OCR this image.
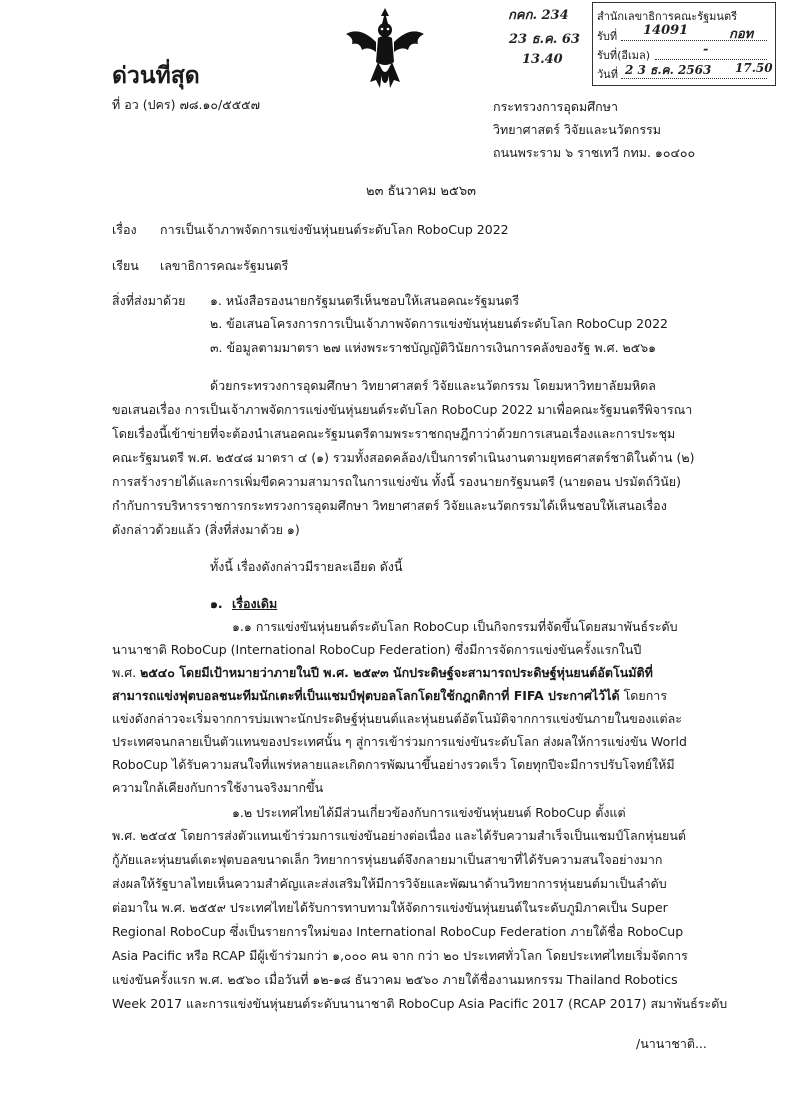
ด่วนที่สุด
ที่ อว (ปคร) ๗๘.๑๐/๕๕๕๗
กคก. 234
23 ธ.ค. 63
13.40
สำนักเลขาธิการคณะรัฐมนตรี
รับที่ 14091	กอท
รับที่(อีเมล)	-
วันที่ 2 3 ธ.ค. 2563 17.50
กระทรวงการอุดมศึกษา
วิทยาศาสตร์ วิจัยและนวัตกรรม
ถนนพระราม ๖ ราชเทวี กทม. ๑๐๔๐๐
๒๓ ธันวาคม ๒๕๖๓
เรื่อง การเป็นเจ้าภาพจัดการแข่งขันหุ่นยนต์ระดับโลก RoboCup 2022
เรียน เลขาธิการคณะรัฐมนตรี
สิ่งที่ส่งมาด้วย ๑. หนังสือรองนายกรัฐมนตรีเห็นชอบให้เสนอคณะรัฐมนตรี
๒. ข้อเสนอโครงการการเป็นเจ้าภาพจัดการแข่งขันหุ่นยนต์ระดับโลก RoboCup 2022
๓. ข้อมูลตามมาตรา ๒๗ แห่งพระราชบัญญัติวินัยการเงินการคลังของรัฐ พ.ศ. ๒๕๖๑
ด้วยกระทรวงการอุดมศึกษา วิทยาศาสตร์ วิจัยและนวัตกรรม โดยมหาวิทยาลัยมหิดล
ขอเสนอเรื่อง การเป็นเจ้าภาพจัดการแข่งขันหุ่นยนต์ระดับโลก RoboCup 2022 มาเพื่อคณะรัฐมนตรีพิจารณา
โดยเรื่องนี้เข้าข่ายที่จะต้องนำเสนอคณะรัฐมนตรีตามพระราชกฤษฎีกาว่าด้วยการเสนอเรื่องและการประชุม
คณะรัฐมนตรี พ.ศ. ๒๕๔๘ มาตรา ๔ (๑) รวมทั้งสอดคล้อง/เป็นการดำเนินงานตามยุทธศาสตร์ชาติในด้าน (๒)
การสร้างรายได้และการเพิ่มขีดความสามารถในการแข่งขัน ทั้งนี้ รองนายกรัฐมนตรี (นายดอน ปรมัตถ์วินัย)
กำกับการบริหารราชการกระทรวงการอุดมศึกษา วิทยาศาสตร์ วิจัยและนวัตกรรมได้เห็นชอบให้เสนอเรื่อง
ดังกล่าวด้วยแล้ว (สิ่งที่ส่งมาด้วย ๑)
ทั้งนี้ เรื่องดังกล่าวมีรายละเอียด ดังนี้
๑. เรื่องเดิม
๑.๑ การแข่งขันหุ่นยนต์ระดับโลก RoboCup เป็นกิจกรรมที่จัดขึ้นโดยสมาพันธ์ระดับ
นานาชาติ RoboCup (International RoboCup Federation) ซึ่งมีการจัดการแข่งขันครั้งแรกในปี
พ.ศ. ๒๕๔๐ โดยมีเป้าหมายว่าภายในปี พ.ศ. ๒๕๙๓ นักประดิษฐ์จะสามารถประดิษฐ์หุ่นยนต์อัตโนมัติที่
สามารถแข่งฟุตบอลชนะทีมนักเตะที่เป็นแชมป์ฟุตบอลโลกโดยใช้กฎกติกาที่ FIFA ประกาศไว้ได้ โดยการ
แข่งดังกล่าวจะเริ่มจากการบ่มเพาะนักประดิษฐ์หุ่นยนต์และหุ่นยนต์อัตโนมัติจากการแข่งขันภายในของแต่ละ
ประเทศจนกลายเป็นตัวแทนของประเทศนั้น ๆ สู่การเข้าร่วมการแข่งขันระดับโลก ส่งผลให้การแข่งขัน World
RoboCup ได้รับความสนใจที่แพร่หลายและเกิดการพัฒนาขึ้นอย่างรวดเร็ว โดยทุกปีจะมีการปรับโจทย์ให้มี
ความใกล้เคียงกับการใช้งานจริงมากขึ้น
๑.๒ ประเทศไทยได้มีส่วนเกี่ยวข้องกับการแข่งขันหุ่นยนต์ RoboCup ตั้งแต่
พ.ศ. ๒๕๔๕ โดยการส่งตัวแทนเข้าร่วมการแข่งขันอย่างต่อเนื่อง และได้รับความสำเร็จเป็นแชมป์โลกหุ่นยนต์
กู้ภัยและหุ่นยนต์เตะฟุตบอลขนาดเล็ก วิทยาการหุ่นยนต์จึงกลายมาเป็นสาขาที่ได้รับความสนใจอย่างมาก
ส่งผลให้รัฐบาลไทยเห็นความสำคัญและส่งเสริมให้มีการวิจัยและพัฒนาด้านวิทยาการหุ่นยนต์มาเป็นลำดับ
ต่อมาใน พ.ศ. ๒๕๕๙ ประเทศไทยได้รับการทาบทามให้จัดการแข่งขันหุ่นยนต์ในระดับภูมิภาคเป็น Super
Regional RoboCup ซึ่งเป็นรายการใหม่ของ International RoboCup Federation ภายใต้ชื่อ RoboCup
Asia Pacific หรือ RCAP มีผู้เข้าร่วมกว่า ๑,๐๐๐ คน จาก กว่า ๒๐ ประเทศทั่วโลก โดยประเทศไทยเริ่มจัดการ
แข่งขันครั้งแรก พ.ศ. ๒๕๖๐ เมื่อวันที่ ๑๒-๑๘ ธันวาคม ๒๕๖๐ ภายใต้ชื่องานมหกรรม Thailand Robotics
Week 2017 และการแข่งขันหุ่นยนต์ระดับนานาชาติ RoboCup Asia Pacific 2017 (RCAP 2017) สมาพันธ์ระดับ
/นานาชาติ...
